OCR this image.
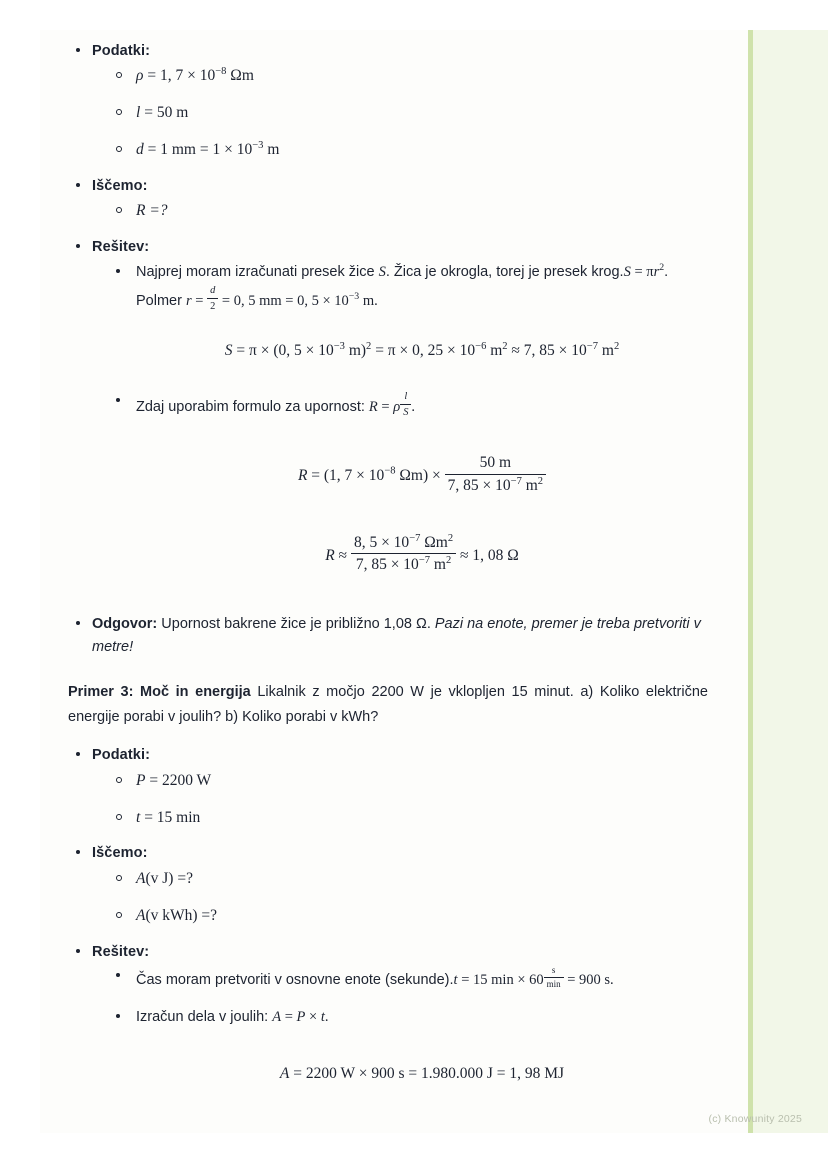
Podatki:
ρ = 1, $7 \times 10^{-8}$ Ωm
l = 50 m
d = 1 mm = $1 \times 10^{-3}$ m
Iščemo:
R =?
Rešitev:
Najprej moram izračunati presek žice S. Žica je okrogla, torej je presek krog.S = $\pi r^2$. Polmer $r = \frac{d}{2} = 0$, 5 mm = 0, $5 \times 10^{-3}$ m.
S = π × (0, $5 \times 10^{-3}$ m)$^2$ = π × 0, $25 \times 10^{-6}$ $m^2 \approx 7$, $85 \times 10^{-7}$ $m^2$
Zdaj uporabim formulo za upornost: R = ρ $\frac{l}{S}$ .
R = (1, $7 \times 10^{-8}$ $\Omega m) \times \frac{50 m}{7, 85 \times 10^{-7} m^2}$
$R \approx \frac{8, 5 \times 10^{-7} \Omega m^2}{7, 85 \times 10^{-7} m^2} \approx 1$, 08 Ω
Odgovor: Upornost bakrene žice je približno 1,08 Ω. Pazi na enote, premer je treba pretvoriti v metre!

Primer 3: Moč in energija Likalnik z močjo 2200 W je vklopljen 15 minut. a) Koliko električne energije porabi v joulih? b) Koliko porabi v kWh?

Podatki:
P = 2200 W
t = 15 min
Iščemo:
A(v J) =?
A(v kWh) =?
Rešitev:
Čas moram pretvoriti v osnovne enote (sekunde).t = 15 $\min \times 60 \frac{s}{\min} = 900$ s.
Izračun dela v joulih: A = P × t.
A = 2200 W × 900 s = 1.980.000 J = 1, 98 MJ
(c) Knowunity 2025
